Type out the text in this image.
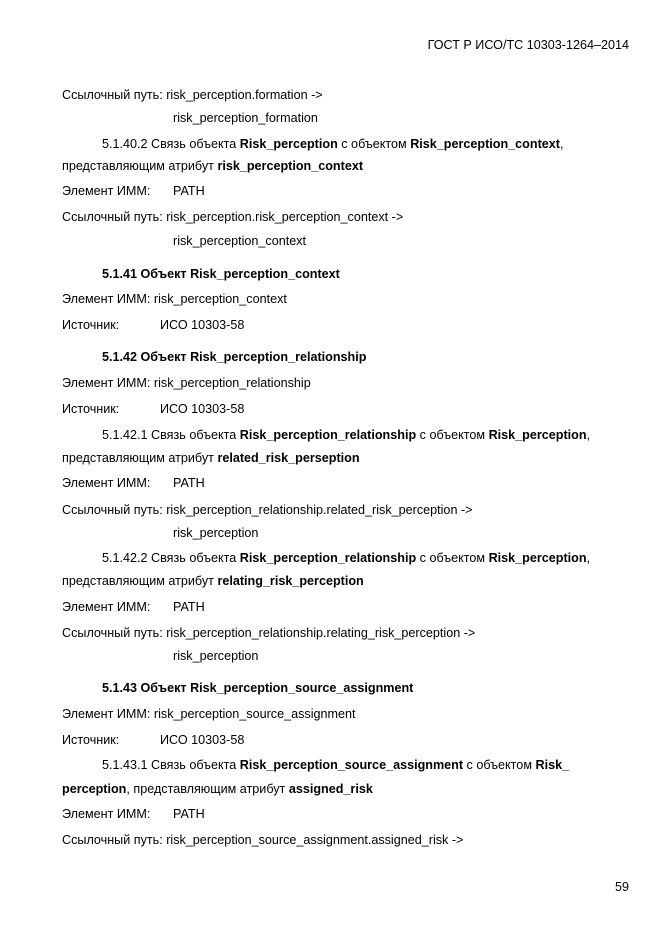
ГОСТ Р ИСО/ТС 10303-1264–2014
Ссылочный путь: risk_perception.formation ->
risk_perception_formation
5.1.40.2 Связь объекта Risk_perception с объектом Risk_perception_context,
представляющим атрибут risk_perception_context
Элемент ИММ: PATH
Ссылочный путь: risk_perception.risk_perception_context ->
risk_perception_context
5.1.41 Объект Risk_perception_context
Элемент ИММ: risk_perception_context
Источник:	ИСО 10303-58
5.1.42 Объект Risk_perception_relationship
Элемент ИММ: risk_perception_relationship
Источник:	ИСО 10303-58
5.1.42.1 Связь объекта Risk_perception_relationship с объектом Risk_perception,
представляющим атрибут related_risk_perseption
Элемент ИММ: PATH
Ссылочный путь: risk_perception_relationship.related_risk_perception ->
risk_perception
5.1.42.2 Связь объекта Risk_perception_relationship с объектом Risk_perception,
представляющим атрибут relating_risk_perception
Элемент ИММ: PATH
Ссылочный путь: risk_perception_relationship.relating_risk_perception ->
risk_perception
5.1.43 Объект Risk_perception_source_assignment
Элемент ИММ: risk_perception_source_assignment
Источник:	ИСО 10303-58
5.1.43.1 Связь объекта Risk_perception_source_assignment с объектом Risk_
perception, представляющим атрибут assigned_risk
Элемент ИММ: PATH
Ссылочный путь: risk_perception_source_assignment.assigned_risk ->
59
